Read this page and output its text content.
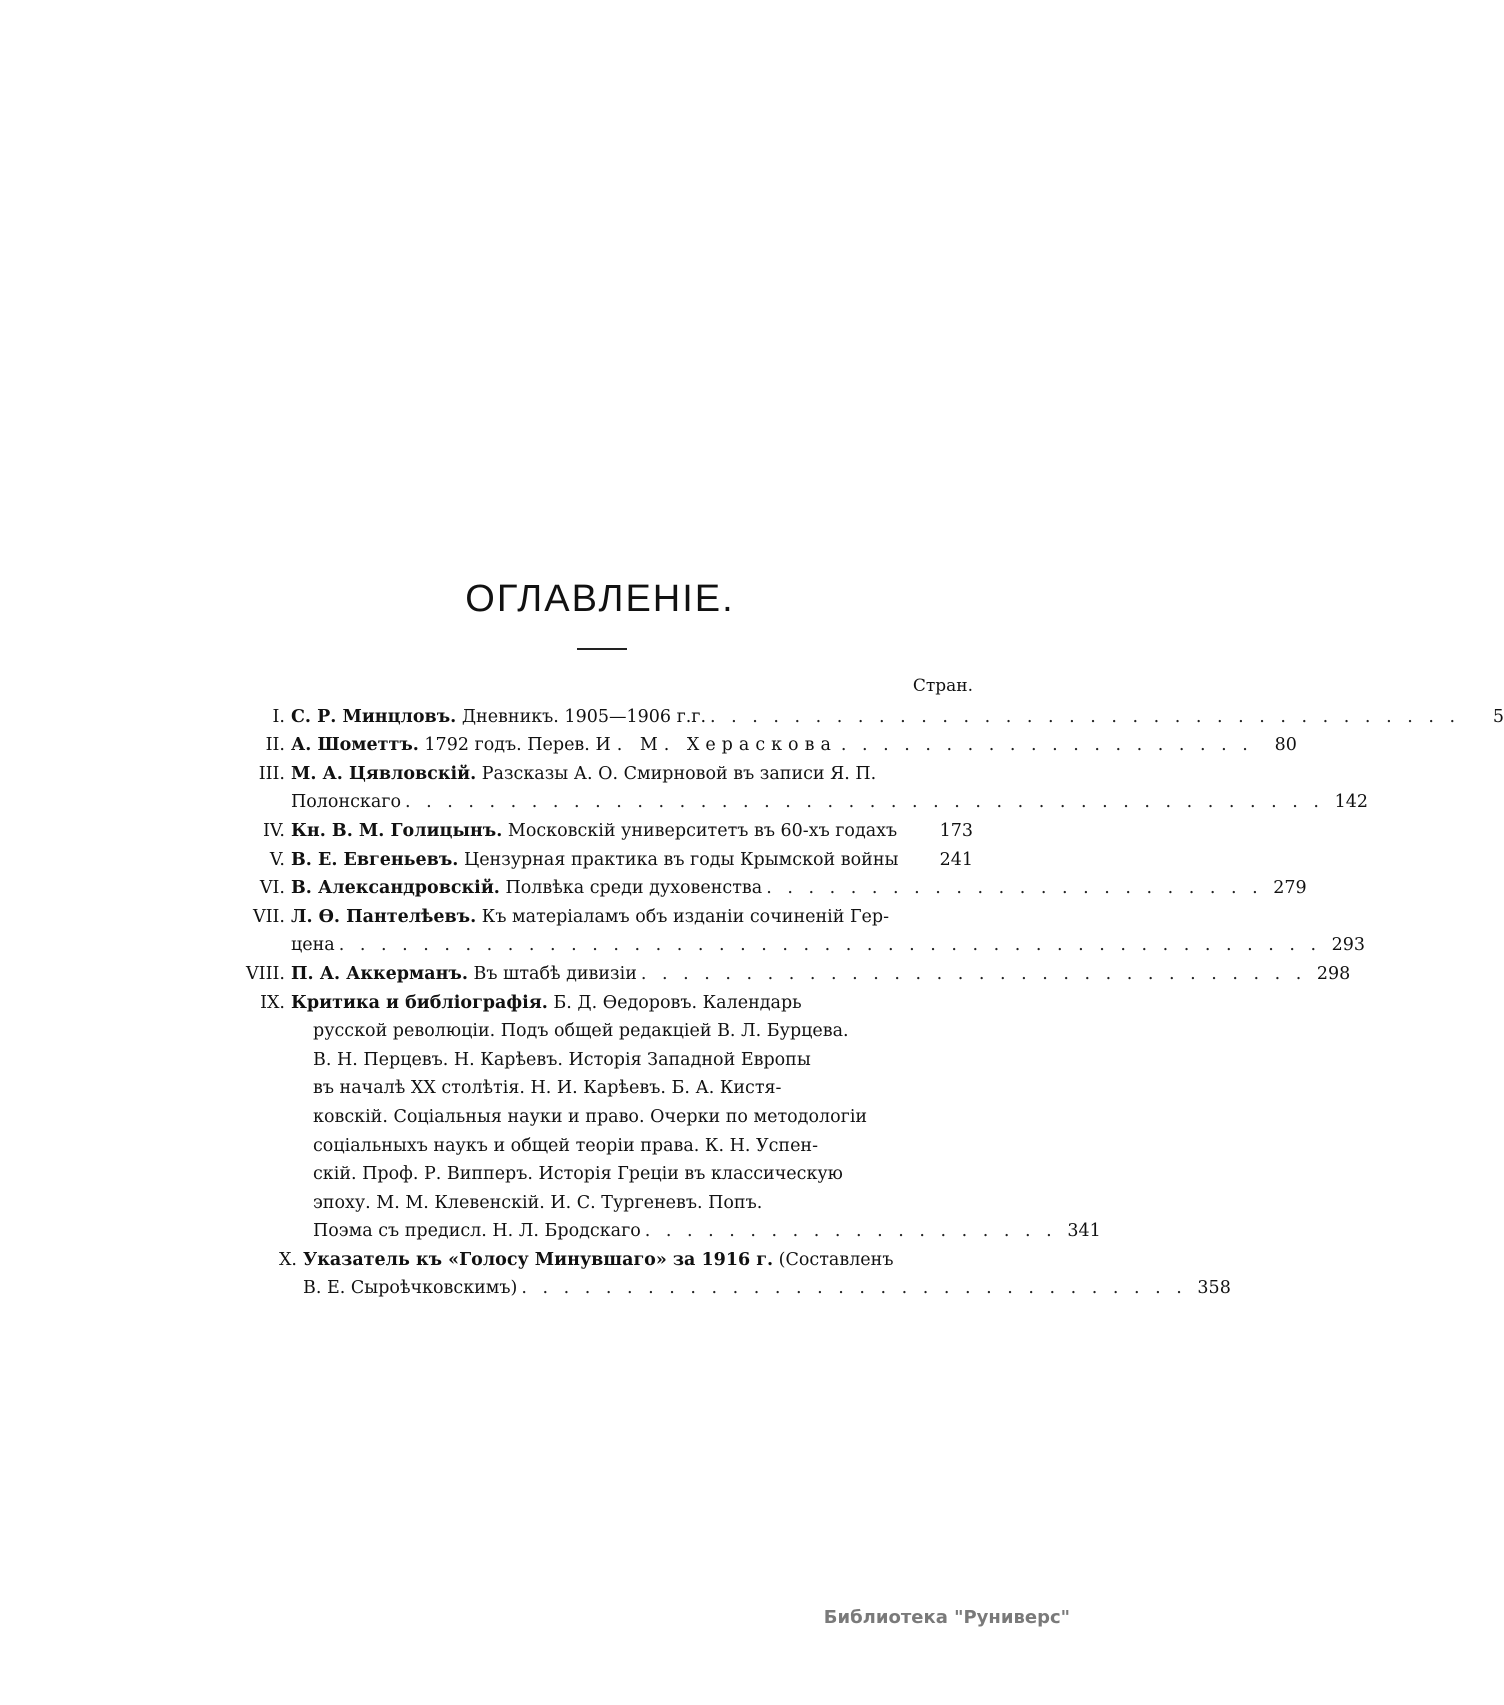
ОГЛАВЛЕНІЕ.
Стран.
I. С. Р. Минцловъ. Дневникъ. 1905—1906 г.г. . . . . . . . . . . . . . . . . . . . . . . . . . . . . . . . . . . . .	5
II. А. Шометтъ. 1792 годъ. Перев. И. М. Хераскова . . . . . . . . . . . . . . . . . . . .	80
III. М. А. Цявловскій. Разсказы А. О. Смирновой въ записи Я. П.
Полонскаго . . . . . . . . . . . . . . . . . . . . . . . . . . . . . . . . . . . . . . . . . . . . 142
IV. Кн. В. М. Голицынъ. Московскій университетъ въ 60-хъ годахъ	173
V. В. Е. Евгеньевъ. Цензурная практика въ годы Крымской войны	241
VI. В. Александровскій. Полвѣка среди духовенства . . . . . . . . . . . . . . . . . . . . . . . . 279
VII. Л. Ѳ. Пантелѣевъ. Къ матеріаламъ объ изданіи сочиненій Гер-
цена . . . . . . . . . . . . . . . . . . . . . . . . . . . . . . . . . . . . . . . . . . . . . . . 293
VIII. П. А. Аккерманъ. Въ штабѣ дивизіи . . . . . . . . . . . . . . . . . . . . . . . . . . . . . . . . 298
IX. Критика и библіографія. Б. Д. Ѳедоровъ. Календарь
русской революціи. Подъ общей редакціей В. Л. Бурцева.
В. Н. Перцевъ. Н. Карѣевъ. Исторія Западной Европы
въ началѣ XX столѣтія. Н. И. Карѣевъ. Б. А. Кистя-
ковскій. Соціальныя науки и право. Очерки по методологіи
соціальныхъ наукъ и общей теоріи права. К. Н. Успен-
скій. Проф. Р. Випперъ. Исторія Греціи въ классическую
эпоху. М. М. Клевенскій. И. С. Тургеневъ. Попъ.
Поэма съ предисл. Н. Л. Бродскаго . . . . . . . . . . . . . . . . . . . . 341
X. Указатель къ «Голосу Минувшаго» за 1916 г. (Составленъ
В. Е. Сыроѣчковскимъ) . . . . . . . . . . . . . . . . . . . . . . . . . . . . . . . . 358
Библиотека "Руниверс"
